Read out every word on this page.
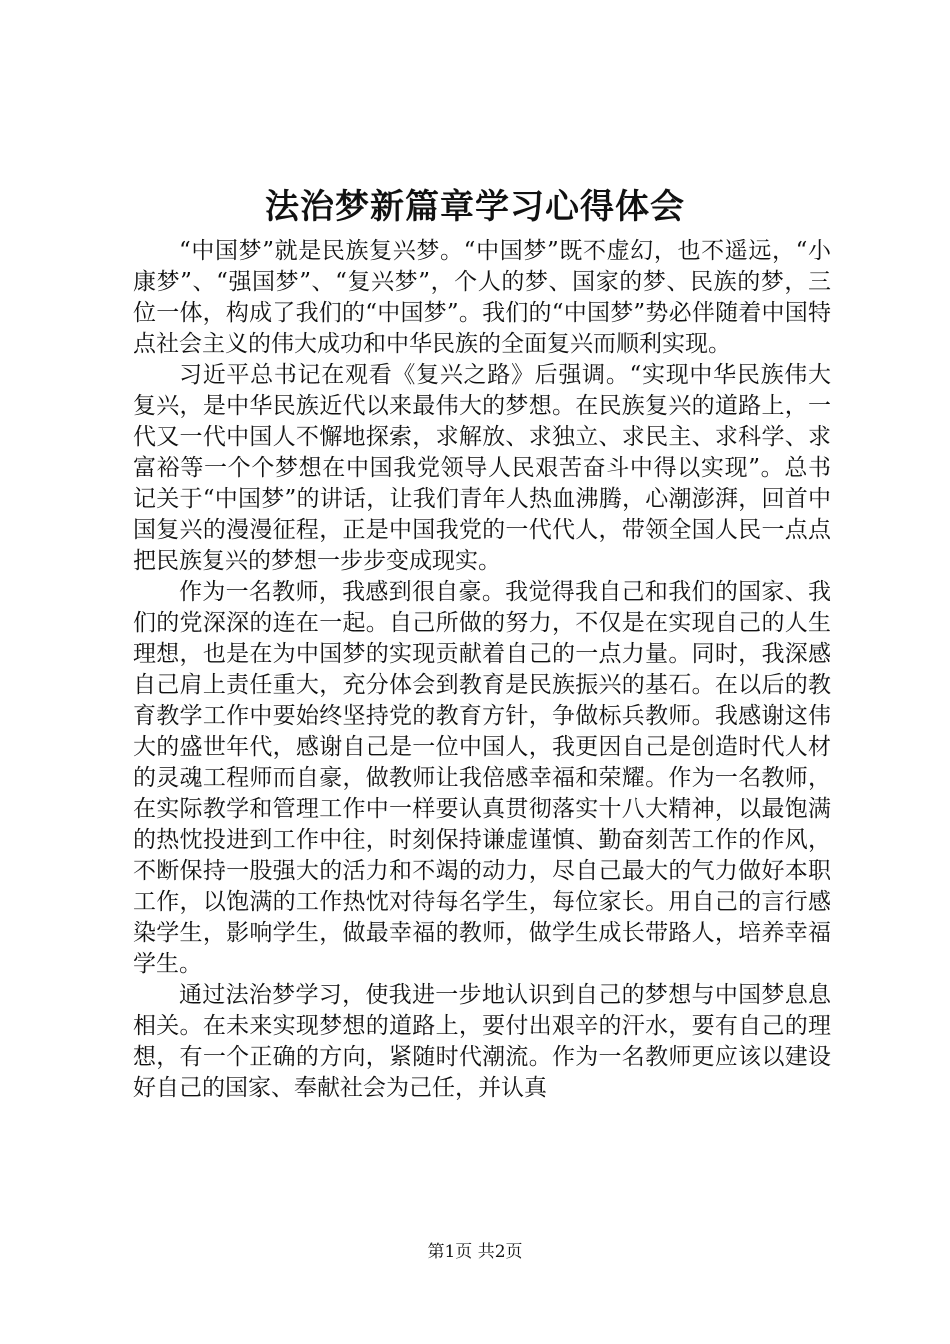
法治梦新篇章学习心得体会

“中国梦”就是民族复兴梦。“中国梦”既不虚幻，也不遥远，“小康梦”、“强国梦”、“复兴梦”，个人的梦、国家的梦、民族的梦，三位一体，构成了我们的“中国梦”。我们的“中国梦”势必伴随着中国特点社会主义的伟大成功和中华民族的全面复兴而顺利实现。

习近平总书记在观看《复兴之路》后强调。“实现中华民族伟大复兴，是中华民族近代以来最伟大的梦想。在民族复兴的道路上，一代又一代中国人不懈地探索，求解放、求独立、求民主、求科学、求富裕等一个个梦想在中国我党领导人民艰苦奋斗中得以实现”。总书记关于“中国梦”的讲话，让我们青年人热血沸腾，心潮澎湃，回首中国复兴的漫漫征程，正是中国我党的一代代人，带领全国人民一点点把民族复兴的梦想一步步变成现实。

作为一名教师，我感到很自豪。我觉得我自己和我们的国家、我们的党深深的连在一起。自己所做的努力，不仅是在实现自己的人生理想，也是在为中国梦的实现贡献着自己的一点力量。同时，我深感自己肩上责任重大，充分体会到教育是民族振兴的基石。在以后的教育教学工作中要始终坚持党的教育方针，争做标兵教师。我感谢这伟大的盛世年代，感谢自己是一位中国人，我更因自己是创造时代人材的灵魂工程师而自豪，做教师让我倍感幸福和荣耀。作为一名教师，在实际教学和管理工作中一样要认真贯彻落实十八大精神，以最饱满的热忱投进到工作中往，时刻保持谦虚谨慎、勤奋刻苦工作的作风，不断保持一股强大的活力和不竭的动力，尽自己最大的气力做好本职工作，以饱满的工作热忱对待每名学生，每位家长。用自己的言行感染学生，影响学生，做最幸福的教师，做学生成长带路人，培养幸福学生。

通过法治梦学习，使我进一步地认识到自己的梦想与中国梦息息相关。在未来实现梦想的道路上，要付出艰辛的汗水，要有自己的理想，有一个正确的方向，紧随时代潮流。作为一名教师更应该以建设好自己的国家、奉献社会为己任，并认真

第1页 共2页
